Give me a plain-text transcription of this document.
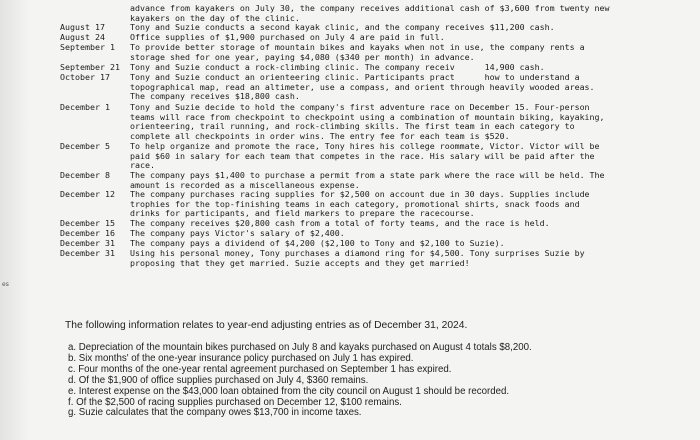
es
advance from kayakers on July 30, the company receives additional cash of $3,600 from twenty new
kayakers on the day of the clinic.
August 17	Tony and Suzie conducts a second kayak clinic, and the company receives $11,200 cash.
August 24	Office supplies of $1,900 purchased on July 4 are paid in full.
September 1	To provide better storage of mountain bikes and kayaks when not in use, the company rents a
storage shed for one year, paying $4,080 ($340 per month) in advance.
September 21	Tony and Suzie conduct a rock-climbing clinic. The company receiv      14,900 cash.
October 17	Tony and Suzie conduct an orienteering clinic. Participants pract      how to understand a
topographical map, read an altimeter, use a compass, and orient through heavily wooded areas.
The company receives $18,800 cash.
December 1	Tony and Suzie decide to hold the company's first adventure race on December 15. Four-person
teams will race from checkpoint to checkpoint using a combination of mountain biking, kayaking,
orienteering, trail running, and rock-climbing skills. The first team in each category to
complete all checkpoints in order wins. The entry fee for each team is $520.
December 5	To help organize and promote the race, Tony hires his college roommate, Victor. Victor will be
paid $60 in salary for each team that competes in the race. His salary will be paid after the
race.
December 8	The company pays $1,400 to purchase a permit from a state park where the race will be held. The
amount is recorded as a miscellaneous expense.
December 12	The company purchases racing supplies for $2,500 on account due in 30 days. Supplies include
trophies for the top-finishing teams in each category, promotional shirts, snack foods and
drinks for participants, and field markers to prepare the racecourse.
December 15	The company receives $20,800 cash from a total of forty teams, and the race is held.
December 16	The company pays Victor's salary of $2,400.
December 31	The company pays a dividend of $4,200 ($2,100 to Tony and $2,100 to Suzie).
December 31	Using his personal money, Tony purchases a diamond ring for $4,500. Tony surprises Suzie by
proposing that they get married. Suzie accepts and they get married!
The following information relates to year-end adjusting entries as of December 31, 2024.
a. Depreciation of the mountain bikes purchased on July 8 and kayaks purchased on August 4 totals $8,200.
b. Six months' of the one-year insurance policy purchased on July 1 has expired.
c. Four months of the one-year rental agreement purchased on September 1 has expired.
d. Of the $1,900 of office supplies purchased on July 4, $360 remains.
e. Interest expense on the $43,000 loan obtained from the city council on August 1 should be recorded.
f. Of the $2,500 of racing supplies purchased on December 12, $100 remains.
g. Suzie calculates that the company owes $13,700 in income taxes.
